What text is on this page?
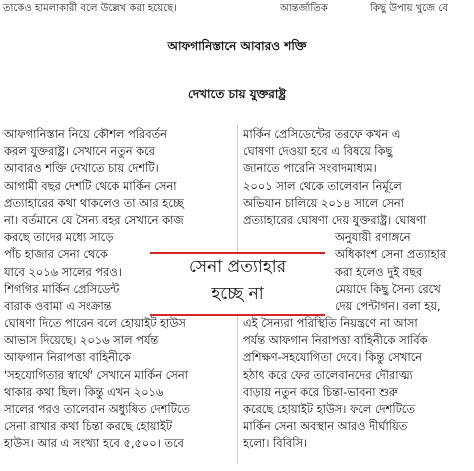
তাকেও হামলাকারী বলে উল্লেখ করা হয়েছে।	আন্তর্জাতিক	কিছু উপায় খুজে বে
আফগানিস্তানে আবারও শক্তি
দেখাতে চায় যুক্তরাষ্ট্র
আফগানিস্তান নিয়ে কৌশল পরিবর্তন
করল যুক্তরাষ্ট্র। সেখানে নতুন করে
আবারও শক্তি দেখাতে চায় দেশটি।
আগামী বছর দেশটি থেকে মার্কিন সেনা
প্রত্যাহারের কথা থাকলেও তা আর হচ্ছে
না। বর্তমানে যে সৈন্য বহর সেখানে কাজ
করছে তাদের মধ্যে সাড়ে
পাঁচ হাজার সেনা থেকে
যাবে ২০১৬ সালের পরও।
শিগগির মার্কিন প্রেসিডেন্ট
বারাক ওবামা এ সংক্রান্ত
ঘোষণা দিতে পারেন বলে হোয়াইট হাউস
আভাস দিয়েছে। ২০১৬ সাল পর্যন্ত
আফগান নিরাপত্তা বাহিনীকে
'সহযোগিতার স্বার্থে' সেখানে মার্কিন সেনা
থাকার কথা ছিল। কিন্তু এখন ২০১৬
সালের পরও তালেবান অধ্যুষিত দেশটিতে
সেনা রাখার কথা চিন্তা করছে হোয়াইট
হাউস। আর এ সংখ্যা হবে ৫,৫০০। তবে
মার্কিন প্রেসিডেন্টের তরফে কখন এ
ঘোষণা দেওয়া হবে এ বিষয়ে কিছু
জানাতে পারেনি সংবাদমাধ্যম।
২০০১ সাল থেকে তালেবান নির্মূলে
অভিযান চালিয়ে ২০১৪ সালে সেনা
প্রত্যাহারের ঘোষণা দেয় যুক্তরাষ্ট্র। ঘোষণা
অনুযায়ী রণাঙ্গনে
অধিকাংশ সেনা প্রত্যাহার
করা হলেও দুই বছর
মেয়াদে কিছু সৈন্য রেখে
দেয় পেন্টাগন। বলা হয়,
এই সৈন্যরা পরিস্থিতি নিয়ন্ত্রণে না আসা
পর্যন্ত আফগান নিরাপত্তা বাহিনীকে সার্বিক
প্রশিক্ষণ-সহযোগিতা দেবে। কিন্তু সেখানে
হঠাৎ করে ফের তালেবানদের দৌরাত্ম্য
বাড়ায় নতুন করে চিন্তা-ভাবনা শুরু
করেছে হোয়াইট হাউস। ফলে দেশটিতে
মার্কিন সেনা অবস্থান আরও দীর্ঘায়িত
হলো। বিবিসি।
সেনা প্রত্যাহার
হচ্ছে না
